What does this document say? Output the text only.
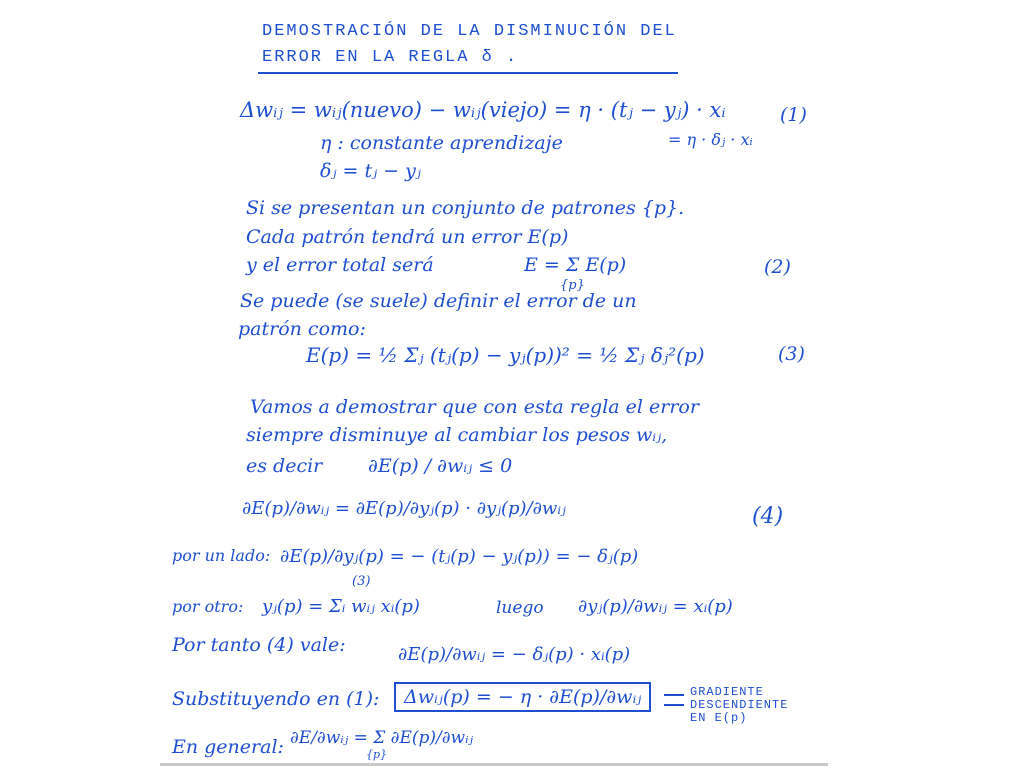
DEMOSTRACIÓN DE LA DISMINUCIÓN DEL
ERROR EN LA REGLA δ .
Δwᵢⱼ = wᵢⱼ(nuevo) − wᵢⱼ(viejo) = η · (tⱼ − yⱼ) · xᵢ	(1)
η : constante aprendizaje	= η · δⱼ · xᵢ
δⱼ = tⱼ − yⱼ
Si se presentan un conjunto de patrones {p}.
Cada patrón tendrá un error E(p)
y el error total será	E = Σ E(p)
{p}
(2)
Se puede (se suele) definir el error de un
patrón como:
E(p) = ½ Σⱼ (tⱼ(p) − yⱼ(p))² = ½ Σⱼ δⱼ²(p)	(3)
Vamos a demostrar que con esta regla el error
siempre disminuye al cambiar los pesos wᵢⱼ,
es decir ∂E(p) / ∂wᵢⱼ ≤ 0
∂E(p)/∂wᵢⱼ = ∂E(p)/∂yⱼ(p) · ∂yⱼ(p)/∂wᵢⱼ	(4)
por un lado: ∂E(p)/∂yⱼ(p) = − (tⱼ(p) − yⱼ(p)) = − δⱼ(p)
(3)
por otro: yⱼ(p) = Σᵢ wᵢⱼ xᵢ(p)	luego ∂yⱼ(p)/∂wᵢⱼ = xᵢ(p)
Por tanto (4) vale:	∂E(p)/∂wᵢⱼ = − δⱼ(p) · xᵢ(p)
Substituyendo en (1):	Δwᵢⱼ(p) = − η · ∂E(p)/∂wᵢⱼ	GRADIENTE
DESCENDIENTE
EN E(p)
En general: ∂E/∂wᵢⱼ = Σ ∂E(p)/∂wᵢⱼ
{p}
